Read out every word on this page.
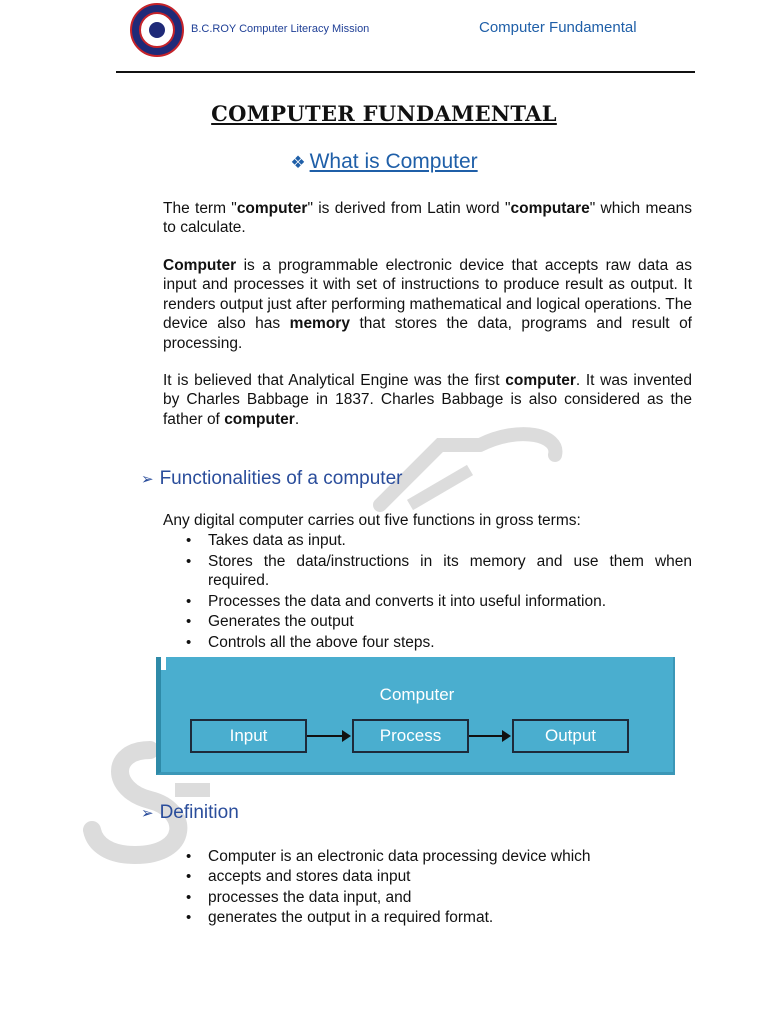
B.C.ROY Computer Literacy Mission	Computer Fundamental
COMPUTER FUNDAMENTAL
❖ What is Computer

The term "computer" is derived from Latin word "computare" which means to calculate.

Computer is a programmable electronic device that accepts raw data as input and processes it with set of instructions to produce result as output. It renders output just after performing mathematical and logical operations. The device also has memory that stores the data, programs and result of processing.

It is believed that Analytical Engine was the first computer. It was invented by Charles Babbage in 1837. Charles Babbage is also considered as the father of computer.

➢ Functionalities of a computer
Any digital computer carries out five functions in gross terms:
• Takes data as input.
• Stores the data/instructions in its memory and use them when required.
• Processes the data and converts it into useful information.
• Generates the output
• Controls all the above four steps.
Computer
Input	Process	Output
➢ Definition
• Computer is an electronic data processing device which
• accepts and stores data input
• processes the data input, and
• generates the output in a required format.
